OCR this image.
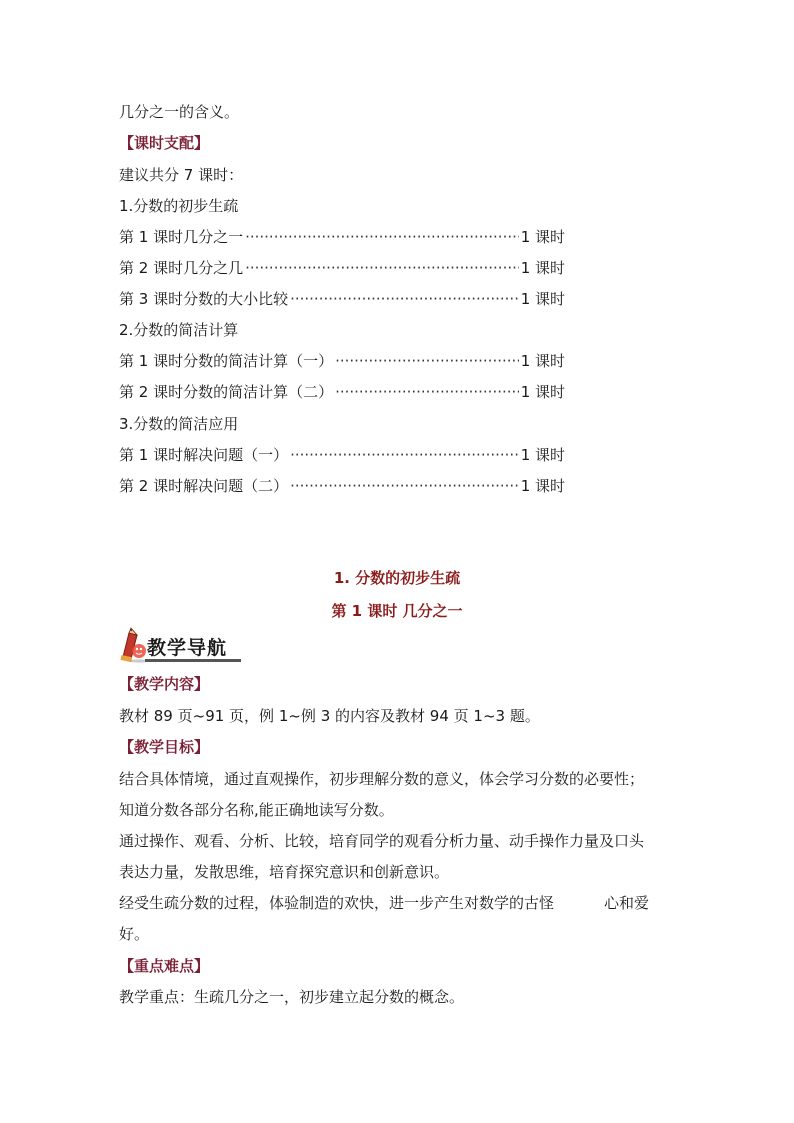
几分之一的含义。
【课时支配】
建议共分 7 课时：
1.分数的初步生疏
第 1 课时几分之一 ·····	1 课时
第 2 课时几分之几 ·····	1 课时
第 3 课时分数的大小比较 ·····	1 课时
2.分数的简洁计算
第 1 课时分数的简洁计算（一） ·····	1 课时
第 2 课时分数的简洁计算（二） ·····	1 课时
3.分数的简洁应用
第 1 课时解决问题（一） ·····	1 课时
第 2 课时解决问题（二） ·····	1 课时
1. 分数的初步生疏
第 1 课时 几分之一
教学导航
【教学内容】
教材 89 页~91 页，例 1~例 3 的内容及教材 94 页 1~3 题。
【教学目标】
结合具体情境，通过直观操作，初步理解分数的意义，体会学习分数的必要性；
知道分数各部分名称,能正确地读写分数。
通过操作、观看、分析、比较，培育同学的观看分析力量、动手操作力量及口头
表达力量，发散思维，培育探究意识和创新意识。
经受生疏分数的过程，体验制造的欢快，进一步产生对数学的古怪	心和爱
好。
【重点难点】
教学重点：生疏几分之一，初步建立起分数的概念。
